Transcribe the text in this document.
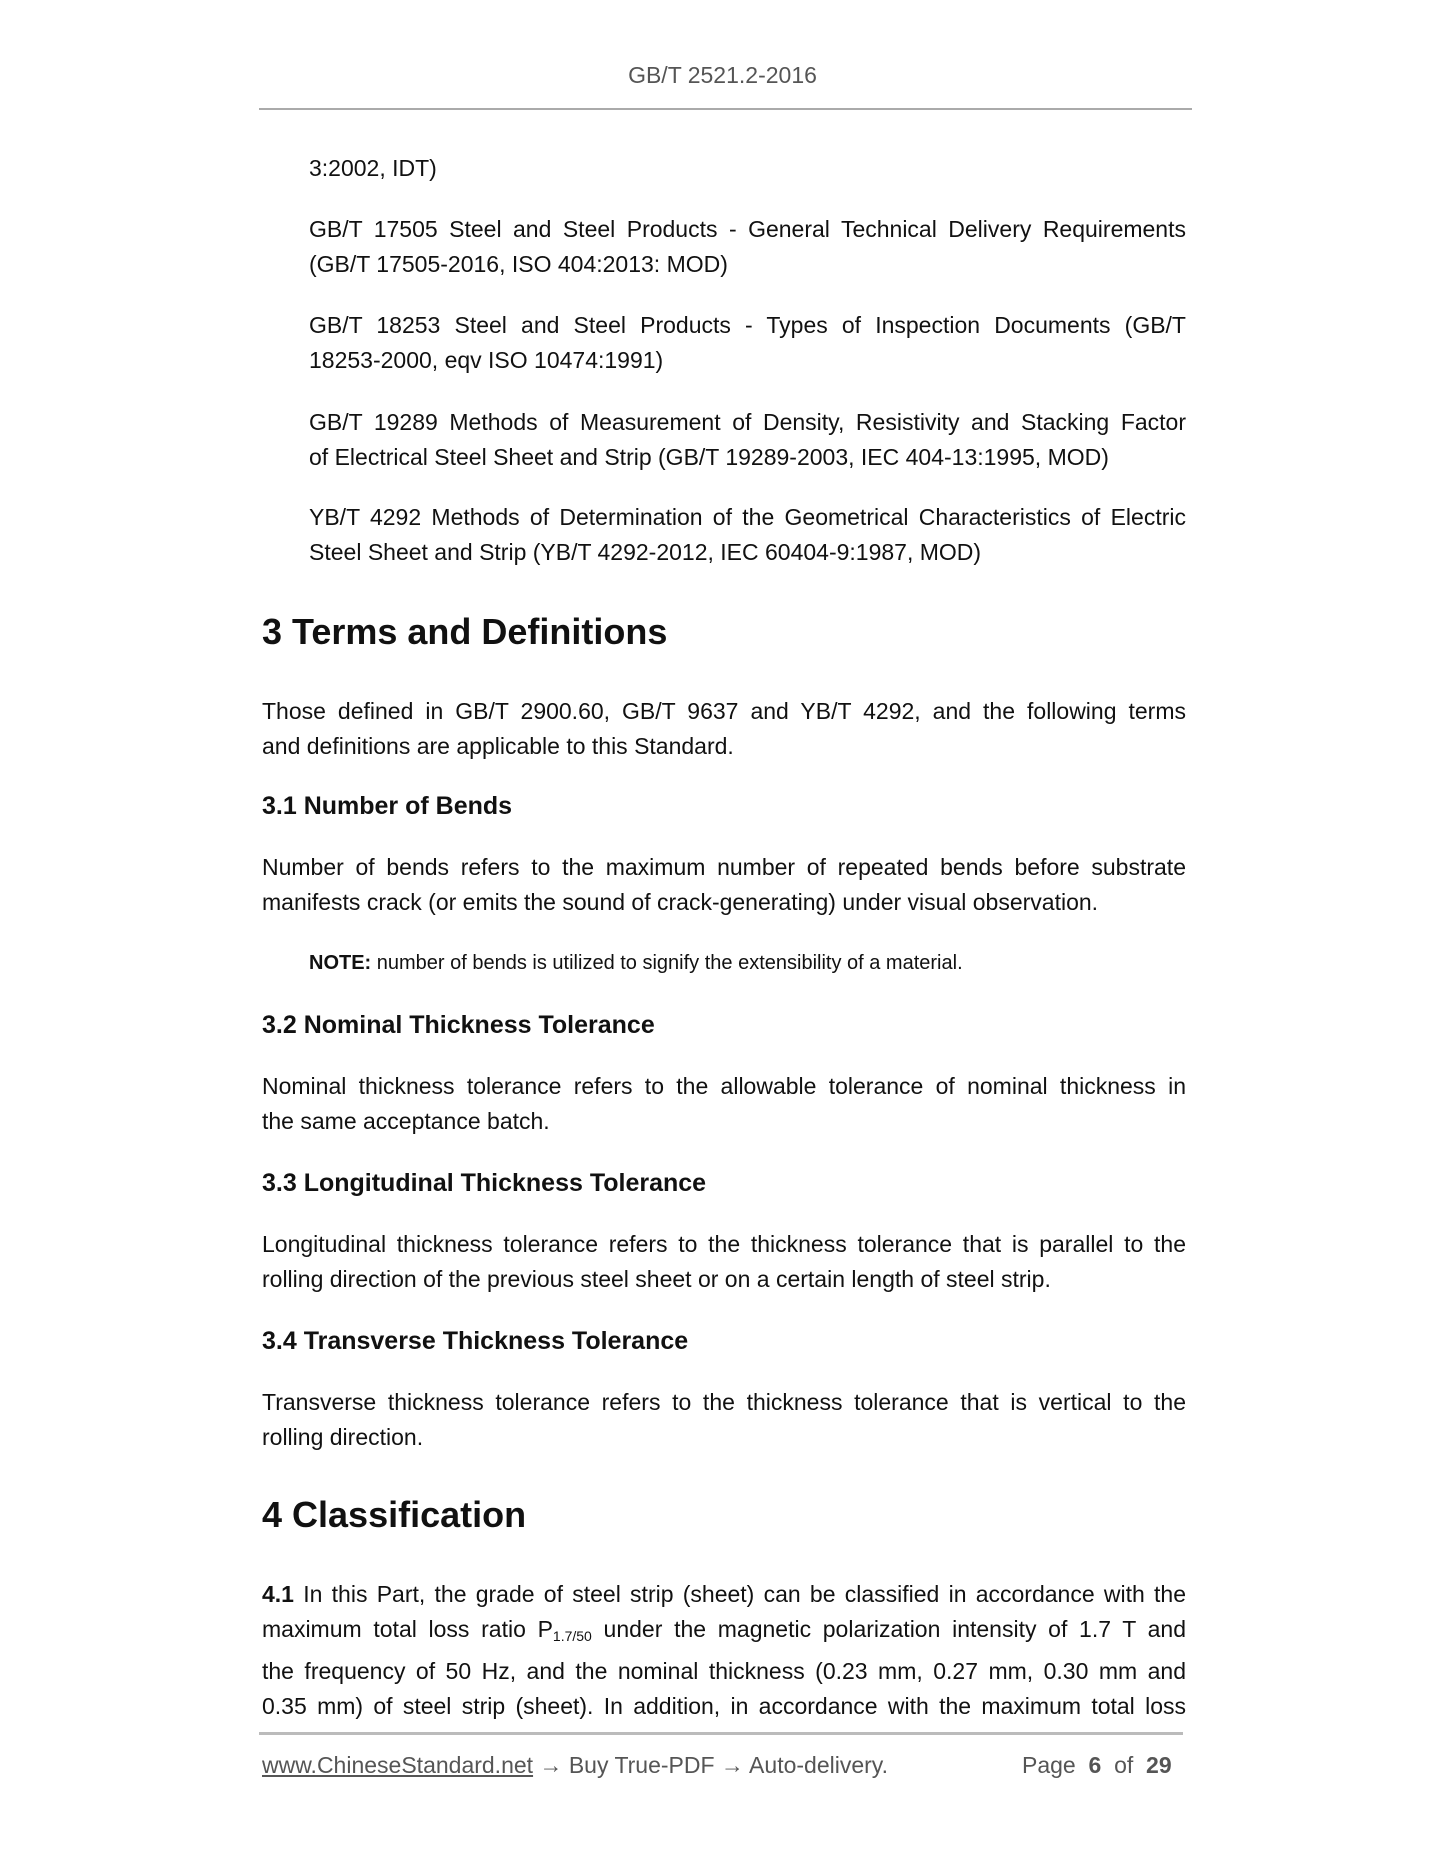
GB/T 2521.2-2016
3:2002, IDT)
GB/T 17505 Steel and Steel Products - General Technical Delivery Requirements
(GB/T 17505-2016, ISO 404:2013: MOD)
GB/T 18253 Steel and Steel Products - Types of Inspection Documents (GB/T
18253-2000, eqv ISO 10474:1991)
GB/T 19289 Methods of Measurement of Density, Resistivity and Stacking Factor
of Electrical Steel Sheet and Strip (GB/T 19289-2003, IEC 404-13:1995, MOD)
YB/T 4292 Methods of Determination of the Geometrical Characteristics of Electric
Steel Sheet and Strip (YB/T 4292-2012, IEC 60404-9:1987, MOD)
3 Terms and Definitions
Those defined in GB/T 2900.60, GB/T 9637 and YB/T 4292, and the following terms
and definitions are applicable to this Standard.
3.1 Number of Bends
Number of bends refers to the maximum number of repeated bends before substrate
manifests crack (or emits the sound of crack-generating) under visual observation.
NOTE: number of bends is utilized to signify the extensibility of a material.
3.2 Nominal Thickness Tolerance
Nominal thickness tolerance refers to the allowable tolerance of nominal thickness in
the same acceptance batch.
3.3 Longitudinal Thickness Tolerance
Longitudinal thickness tolerance refers to the thickness tolerance that is parallel to the
rolling direction of the previous steel sheet or on a certain length of steel strip.
3.4 Transverse Thickness Tolerance
Transverse thickness tolerance refers to the thickness tolerance that is vertical to the
rolling direction.
4 Classification
4.1 In this Part, the grade of steel strip (sheet) can be classified in accordance with the
maximum total loss ratio $P_{1.7/50}$ under the magnetic polarization intensity of 1.7 T and
the frequency of 50 Hz, and the nominal thickness (0.23 mm, 0.27 mm, 0.30 mm and
0.35 mm) of steel strip (sheet). In addition, in accordance with the maximum total loss
www.ChineseStandard.net → Buy True-PDF → Auto-delivery.	Page 6 of 29
